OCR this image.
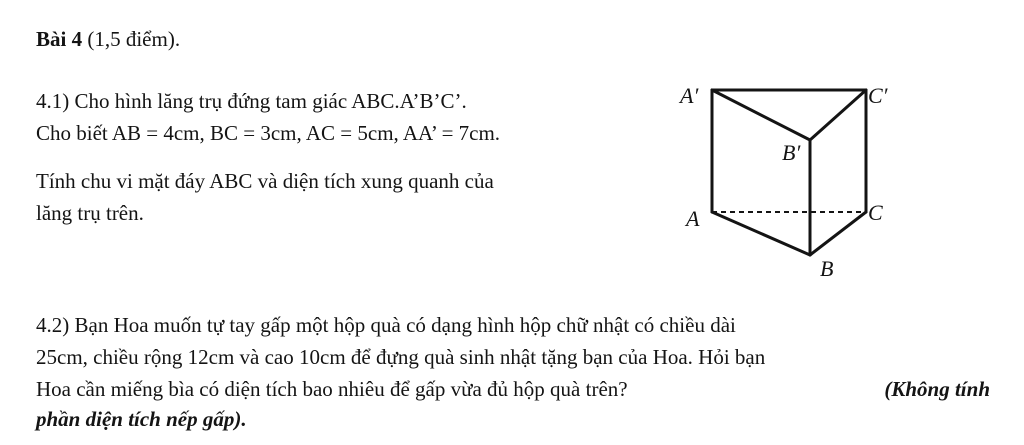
Bài 4 (1,5 điểm).
4.1) Cho hình lăng trụ đứng tam giác ABC.A’B’C’.
Cho biết AB = 4cm, BC = 3cm, AC = 5cm, AA’ = 7cm.
Tính chu vi mặt đáy ABC và diện tích xung quanh của
lăng trụ trên.
A′	C′
B′
A	C
B
4.2) Bạn Hoa muốn tự tay gấp một hộp quà có dạng hình hộp chữ nhật có chiều dài
25cm, chiều rộng 12cm và cao 10cm để đựng quà sinh nhật tặng bạn của Hoa. Hỏi bạn
Hoa cần miếng bìa có diện tích bao nhiêu để gấp vừa đủ hộp quà trên?	(Không tính
phần diện tích nếp gấp).
